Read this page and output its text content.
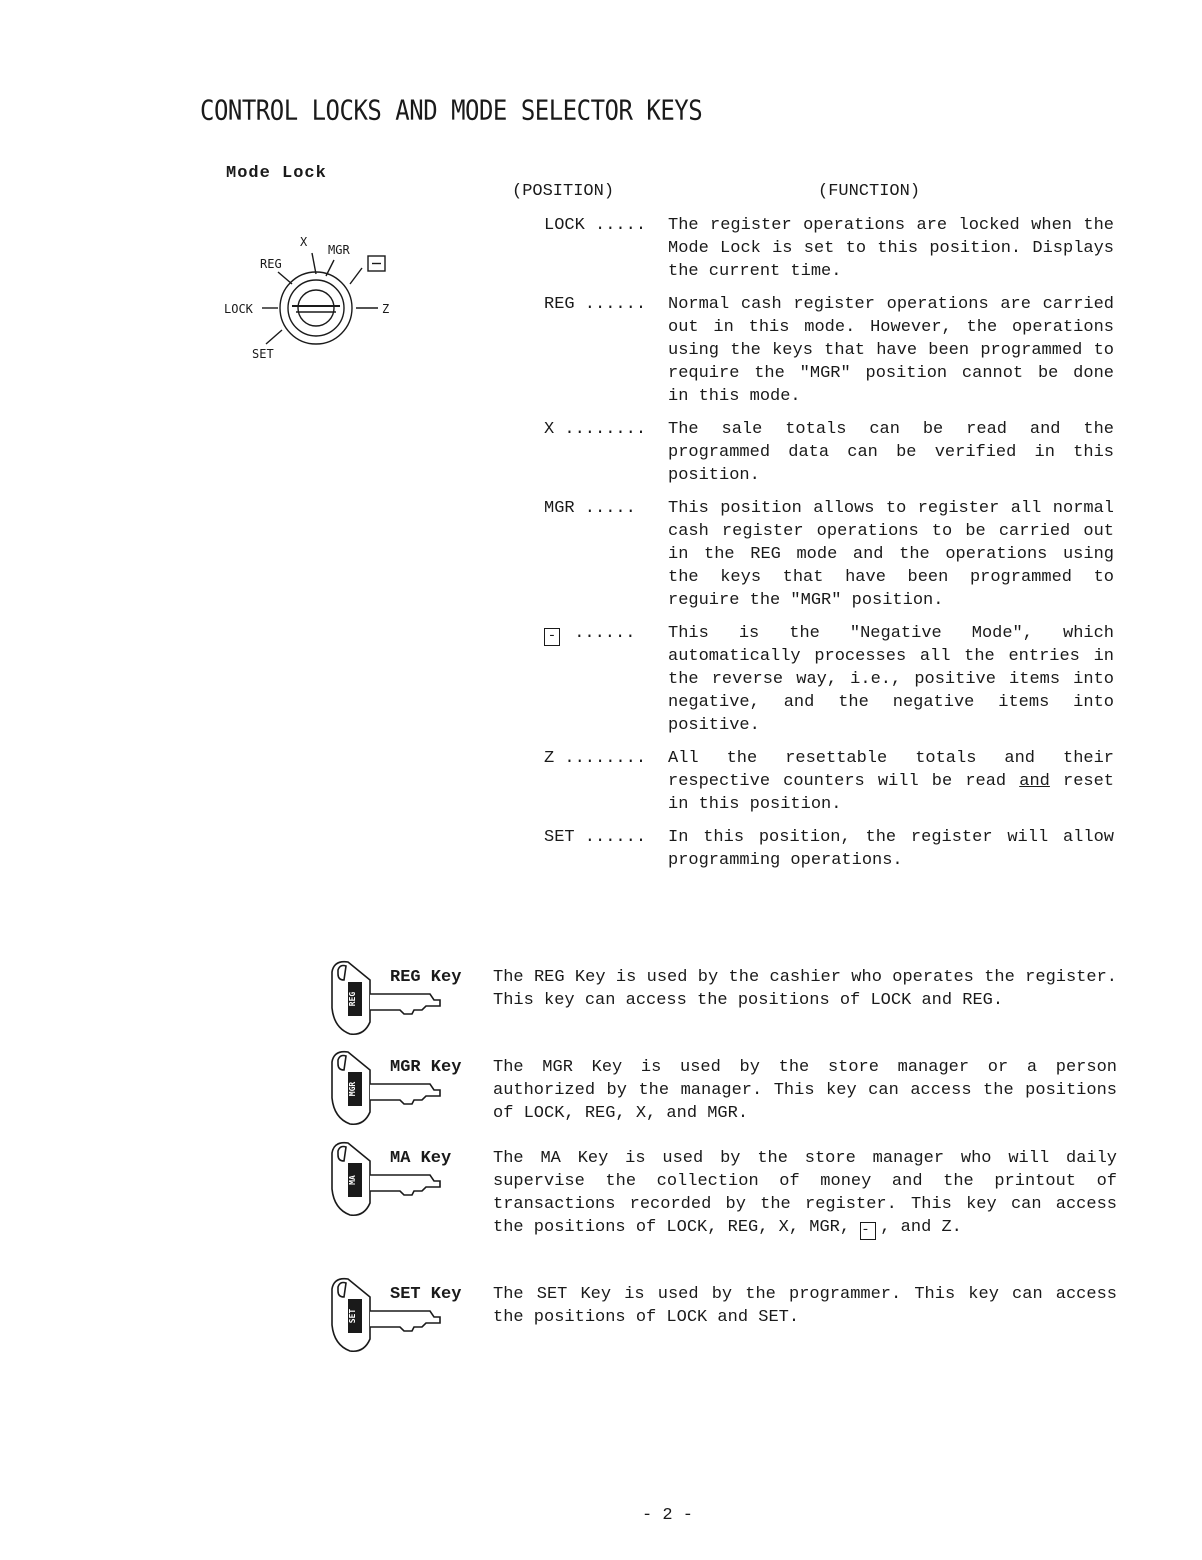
CONTROL LOCKS AND MODE SELECTOR KEYS
Mode Lock
X
MGR
REG
LOCK	Z
SET
(POSITION)	(FUNCTION)
LOCK .....	The register operations are locked when the Mode Lock is set to this position. Displays the current time.
REG ......	Normal cash register operations are carried out in this mode. However, the operations using the keys that have been programmed to require the "MGR" position cannot be done in this mode.
X ........	The sale totals can be read and the programmed data can be verified in this position.
MGR .....	This position allows to register all normal cash register operations to be carried out in the REG mode and the operations using the keys that have been programmed to reguire the "MGR" position.
- ......	This is the "Negative Mode", which automatically processes all the entries in the reverse way, i.e., positive items into negative, and the negative items into positive.
Z ........	All the resettable totals and their respective counters will be read and reset in this position.
SET ......	In this position, the register will allow programming operations.
REG
REG Key The REG Key is used by the cashier who operates the register. This key can access the positions of LOCK and REG.
MGR
MGR Key The MGR Key is used by the store manager or a person authorized by the manager. This key can access the positions of LOCK, REG, X, and MGR.
MA
MA Key The MA Key is used by the store manager who will daily supervise the collection of money and the printout of transactions recorded by the register. This key can access the positions of LOCK, REG, X, MGR, - , and Z.
SET
SET Key The SET Key is used by the programmer. This key can access the positions of LOCK and SET.
- 2 -
